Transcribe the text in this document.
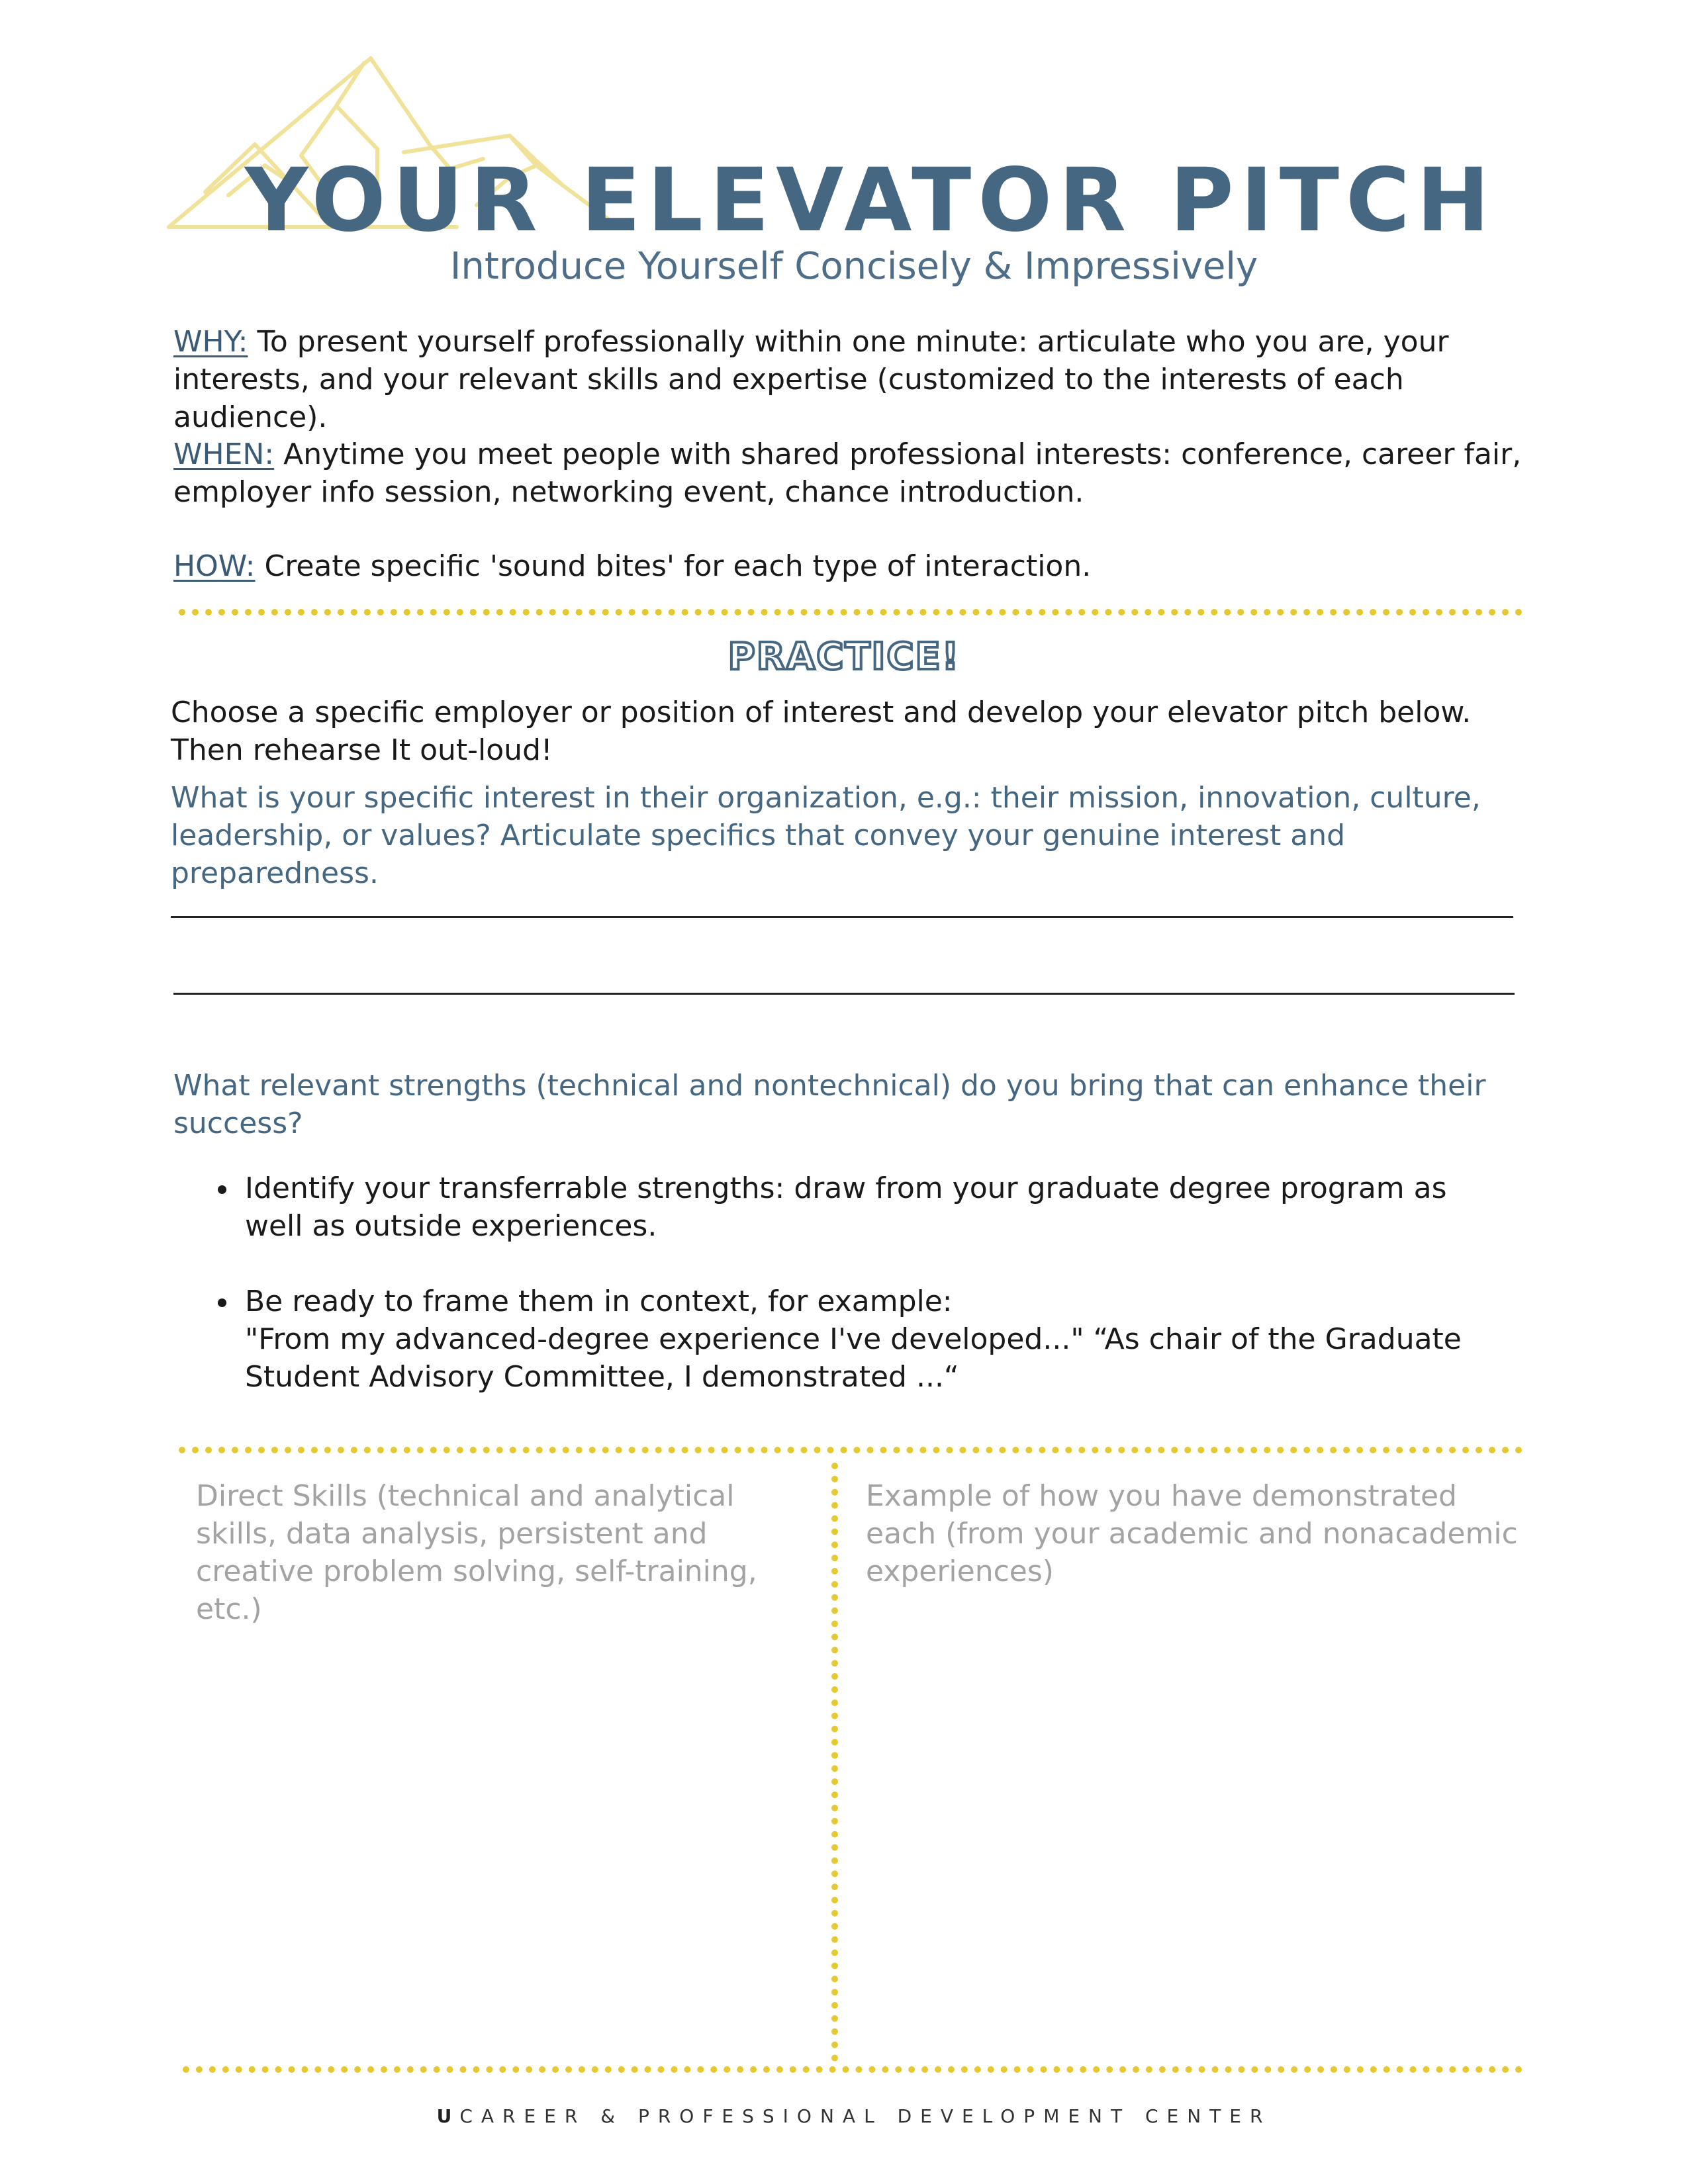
YOUR ELEVATOR PITCH
Introduce Yourself Concisely & Impressively
WHY: To present yourself professionally within one minute: articulate who you are, your interests, and your relevant skills and expertise (customized to the interests of each audience).
WHEN: Anytime you meet people with shared professional interests: conference, career fair, employer info session, networking event, chance introduction.
HOW: Create specific 'sound bites' for each type of interaction.
PRACTICE!
Choose a specific employer or position of interest and develop your elevator pitch below.
Then rehearse It out-loud!
What is your specific interest in their organization, e.g.: their mission, innovation, culture, leadership, or values? Articulate specifics that convey your genuine interest and preparedness.
What relevant strengths (technical and nontechnical) do you bring that can enhance their success?
• Identify your transferrable strengths: draw from your graduate degree program as well as outside experiences.
• Be ready to frame them in context, for example:
"From my advanced-degree experience I've developed..." “As chair of the Graduate Student Advisory Committee, I demonstrated ...“
Direct Skills (technical and analytical skills, data analysis, persistent and creative problem solving, self-training, etc.)
Example of how you have demonstrated each (from your academic and nonacademic experiences)
U CAREER & PROFESSIONAL DEVELOPMENT CENTER
